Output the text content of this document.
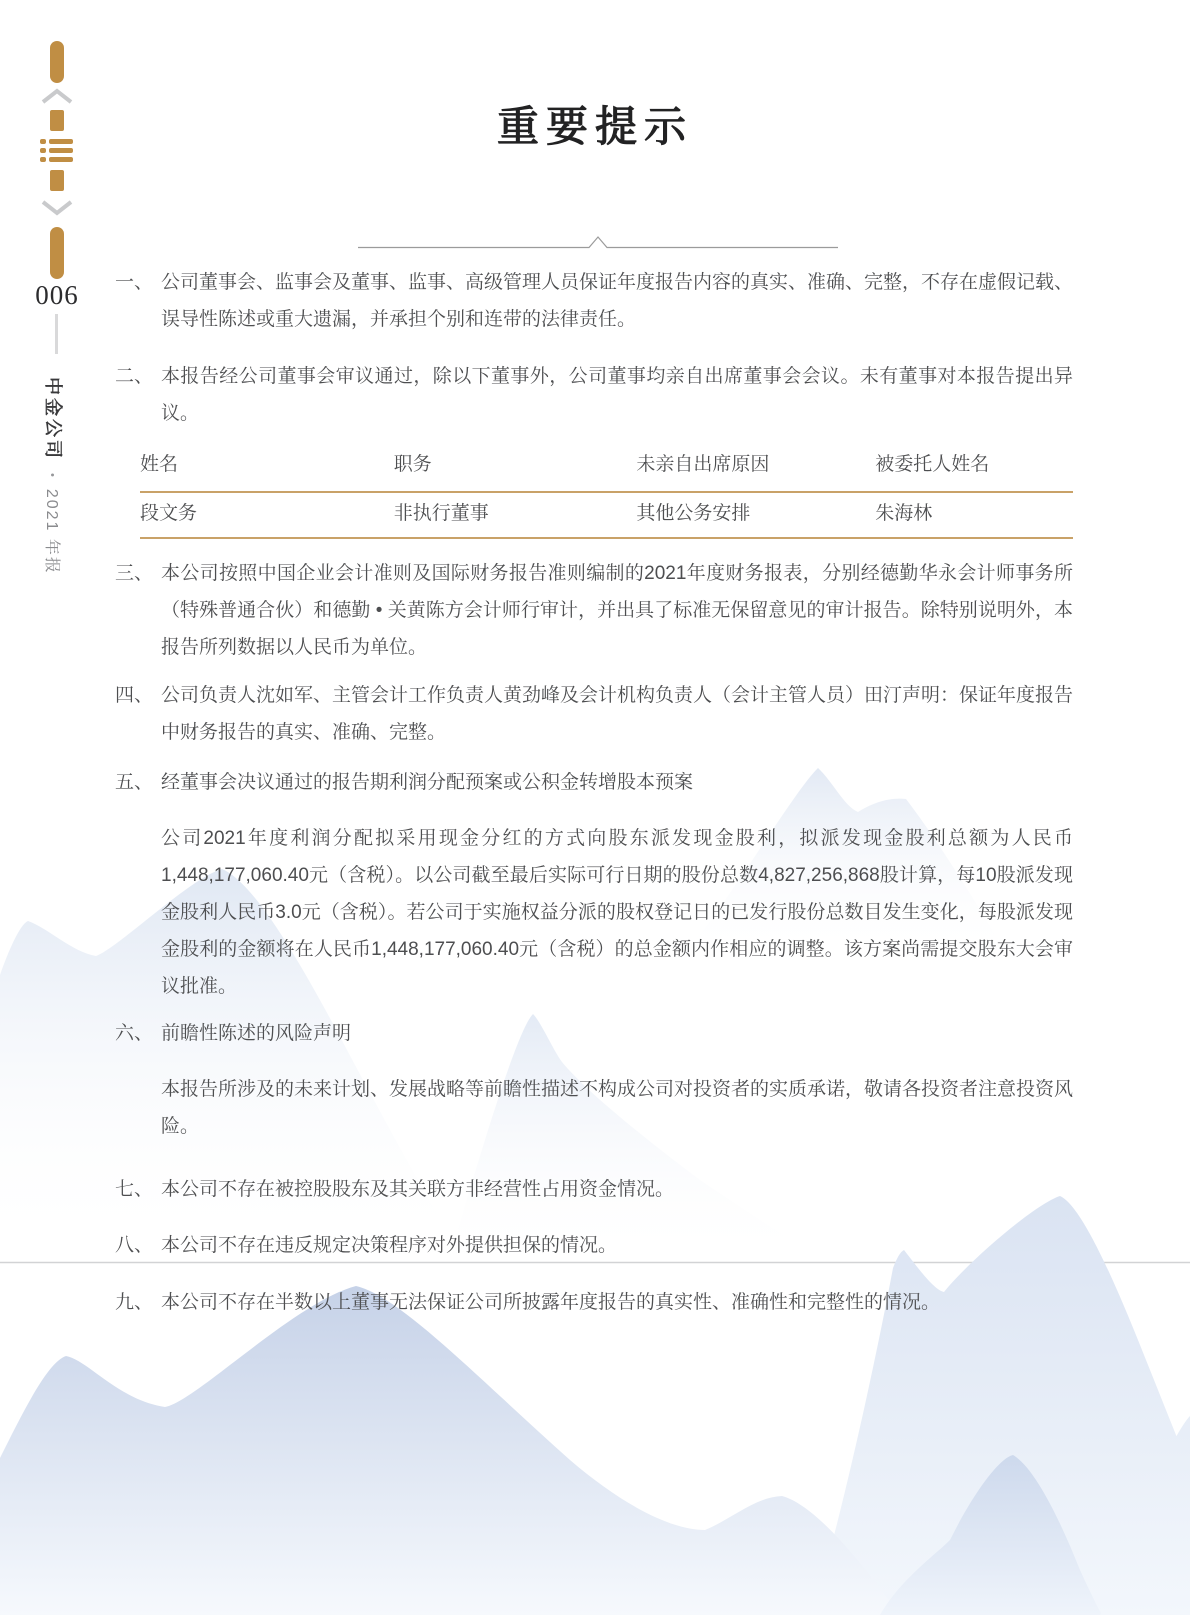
006
中金公司•2021 年报
重要提示
一、 公司董事会、监事会及董事、监事、高级管理人员保证年度报告内容的真实、准确、完整，不存在虚假记载、误导性陈述或重大遗漏，并承担个别和连带的法律责任。
二、 本报告经公司董事会审议通过，除以下董事外，公司董事均亲自出席董事会会议。未有董事对本报告提出异议。
姓名	职务	未亲自出席原因	被委托人姓名
段文务	非执行董事	其他公务安排	朱海林
三、 本公司按照中国企业会计准则及国际财务报告准则编制的2021年度财务报表，分别经德勤华永会计师事务所（特殊普通合伙）和德勤 • 关黄陈方会计师行审计，并出具了标准无保留意见的审计报告。除特别说明外，本报告所列数据以人民币为单位。
四、 公司负责人沈如军、主管会计工作负责人黄劲峰及会计机构负责人（会计主管人员）田汀声明：保证年度报告中财务报告的真实、准确、完整。
五、 经董事会决议通过的报告期利润分配预案或公积金转增股本预案
公司2021年度利润分配拟采用现金分红的方式向股东派发现金股利，拟派发现金股利总额为人民币1,448,177,060.40元（含税）。以公司截至最后实际可行日期的股份总数4,827,256,868股计算，每10股派发现金股利人民币3.0元（含税）。若公司于实施权益分派的股权登记日的已发行股份总数目发生变化，每股派发现金股利的金额将在人民币1,448,177,060.40元（含税）的总金额内作相应的调整。该方案尚需提交股东大会审议批准。
六、 前瞻性陈述的风险声明
本报告所涉及的未来计划、发展战略等前瞻性描述不构成公司对投资者的实质承诺，敬请各投资者注意投资风险。
七、 本公司不存在被控股股东及其关联方非经营性占用资金情况。
八、 本公司不存在违反规定决策程序对外提供担保的情况。
九、 本公司不存在半数以上董事无法保证公司所披露年度报告的真实性、准确性和完整性的情况。
